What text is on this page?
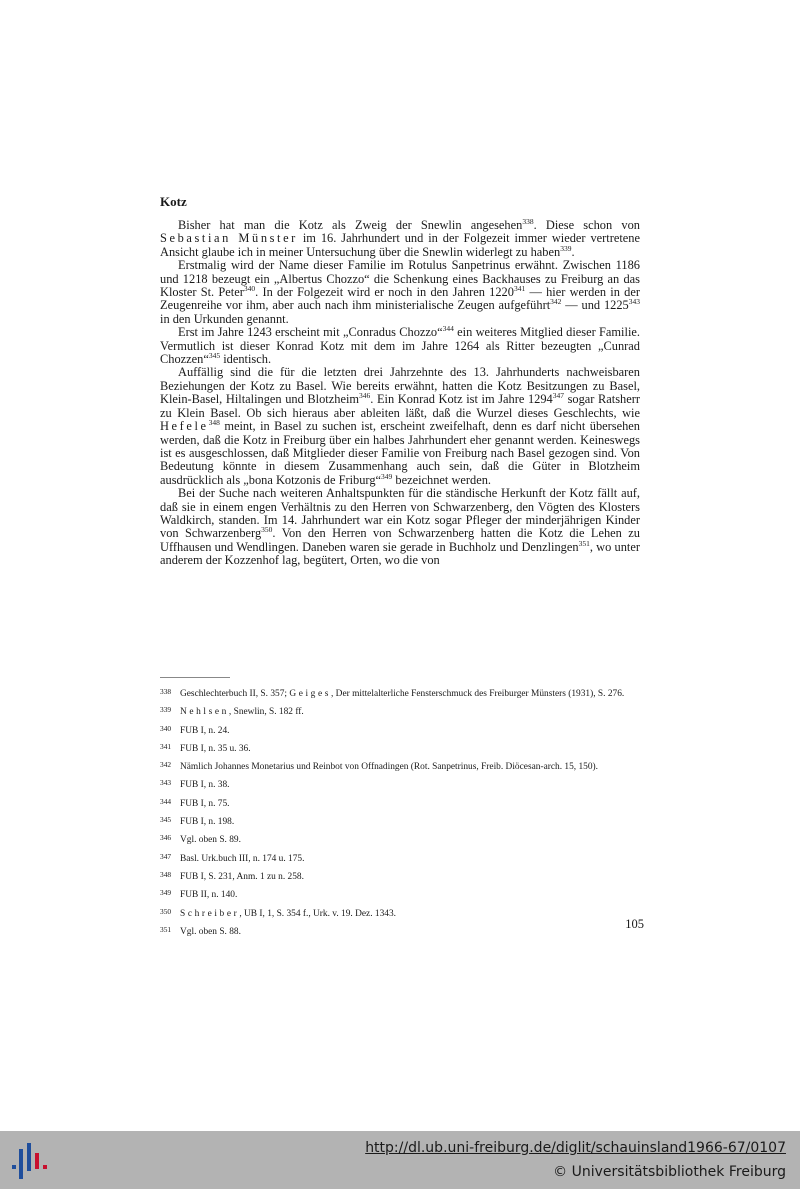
Kotz

Bisher hat man die Kotz als Zweig der Snewlin angesehen$^{338}$. Diese schon von Sebastian Münster im 16. Jahrhundert und in der Folgezeit immer wieder vertretene Ansicht glaube ich in meiner Untersuchung über die Snewlin widerlegt zu haben$^{339}$.

Erstmalig wird der Name dieser Familie im Rotulus Sanpetrinus erwähnt. Zwischen 1186 und 1218 bezeugt ein „Albertus Chozzo“ die Schenkung eines Backhauses zu Freiburg an das Kloster St. Peter$^{340}$. In der Folgezeit wird er noch in den Jahren 1220$^{341}$ — hier werden in der Zeugenreihe vor ihm, aber auch nach ihm ministerialische Zeugen aufgeführt$^{342}$ — und 1225$^{343}$ in den Urkunden genannt.

Erst im Jahre 1243 erscheint mit „Conradus Chozzo“$^{344}$ ein weiteres Mitglied dieser Familie. Vermutlich ist dieser Konrad Kotz mit dem im Jahre 1264 als Ritter bezeugten „Cunrad Chozzen“$^{345}$ identisch.

Auffällig sind die für die letzten drei Jahrzehnte des 13. Jahrhunderts nachweisbaren Beziehungen der Kotz zu Basel. Wie bereits erwähnt, hatten die Kotz Besitzungen zu Basel, Klein-Basel, Hiltalingen und Blotzheim$^{346}$. Ein Konrad Kotz ist im Jahre 1294$^{347}$ sogar Ratsherr zu Klein Basel. Ob sich hieraus aber ableiten läßt, daß die Wurzel dieses Geschlechts, wie Hefele$^{348}$ meint, in Basel zu suchen ist, erscheint zweifelhaft, denn es darf nicht übersehen werden, daß die Kotz in Freiburg über ein halbes Jahrhundert eher genannt werden. Keineswegs ist es ausgeschlossen, daß Mitglieder dieser Familie von Freiburg nach Basel gezogen sind. Von Bedeutung könnte in diesem Zusammenhang auch sein, daß die Güter in Blotzheim ausdrücklich als „bona Kotzonis de Friburg“$^{349}$ bezeichnet werden.

Bei der Suche nach weiteren Anhaltspunkten für die ständische Herkunft der Kotz fällt auf, daß sie in einem engen Verhältnis zu den Herren von Schwarzenberg, den Vögten des Klosters Waldkirch, standen. Im 14. Jahrhundert war ein Kotz sogar Pfleger der minderjährigen Kinder von Schwarzenberg$^{350}$. Von den Herren von Schwarzenberg hatten die Kotz die Lehen zu Uffhausen und Wendlingen. Daneben waren sie gerade in Buchholz und Denzlingen$^{351}$, wo unter anderem der Kozzenhof lag, begütert, Orten, wo die von

338 Geschlechterbuch II, S. 357; Geiges, Der mittelalterliche Fensterschmuck des Freiburger Münsters (1931), S. 276.
339 Nehlsen, Snewlin, S. 182 ff.
340 FUB I, n. 24.
341 FUB I, n. 35 u. 36.
342 Nämlich Johannes Monetarius und Reinbot von Offnadingen (Rot. Sanpetrinus, Freib. Diöcesan-arch. 15, 150).
343 FUB I, n. 38.
344 FUB I, n. 75.
345 FUB I, n. 198.
346 Vgl. oben S. 89.
347 Basl. Urk.buch III, n. 174 u. 175.
348 FUB I, S. 231, Anm. 1 zu n. 258.
349 FUB II, n. 140.
350 Schreiber, UB I, 1, S. 354 f., Urk. v. 19. Dez. 1343.
351 Vgl. oben S. 88.
105
http://dl.ub.uni-freiburg.de/diglit/schauinsland1966-67/0107
© Universitätsbibliothek Freiburg
